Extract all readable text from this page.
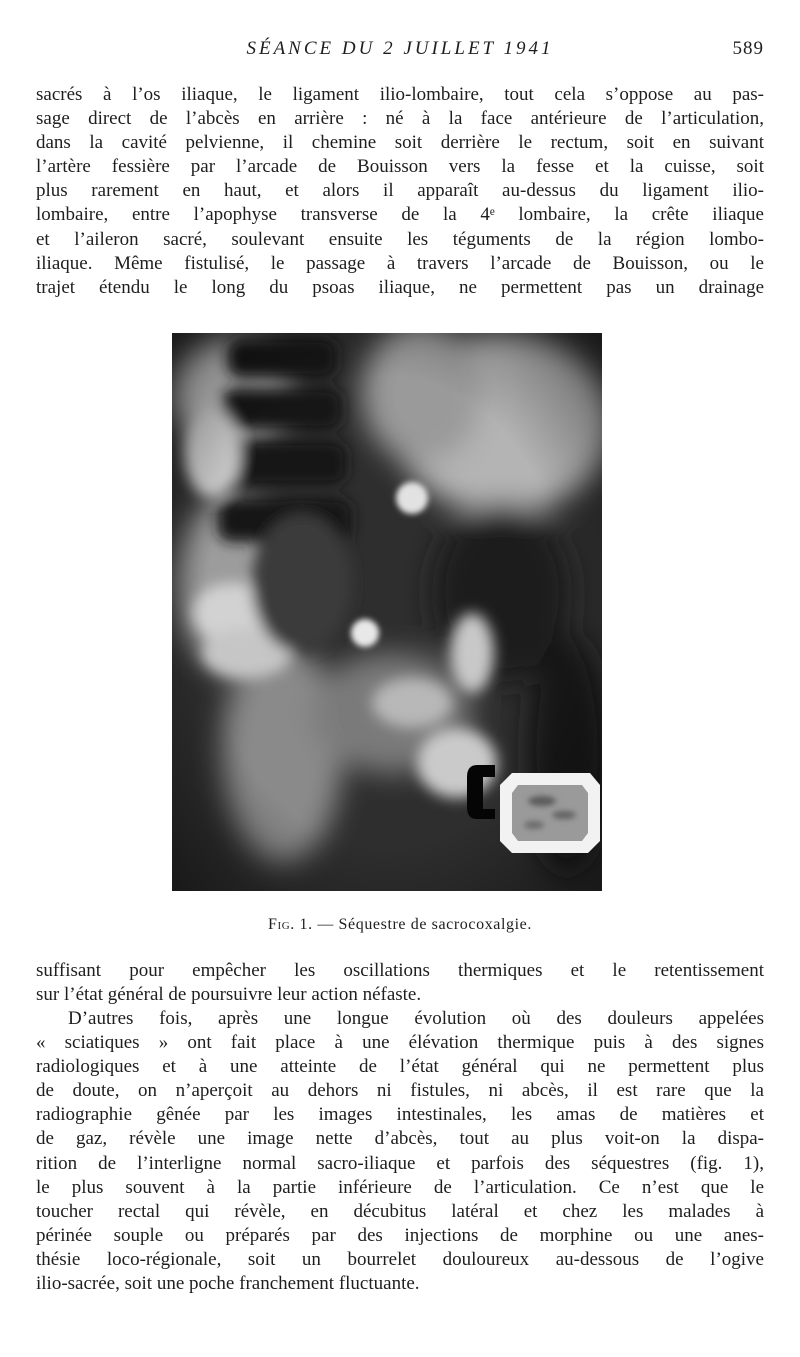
SÉANCE DU 2 JUILLET 1941	589
sacrés à l’os iliaque, le ligament ilio-lombaire, tout cela s’oppose au pas-
sage direct de l’abcès en arrière : né à la face antérieure de l’articulation,
dans la cavité pelvienne, il chemine soit derrière le rectum, soit en suivant
l’artère fessière par l’arcade de Bouisson vers la fesse et la cuisse, soit
plus rarement en haut, et alors il apparaît au-dessus du ligament ilio-
lombaire, entre l’apophyse transverse de la 4ᵉ lombaire, la crête iliaque
et l’aileron sacré, soulevant ensuite les téguments de la région lombo-
iliaque. Même fistulisé, le passage à travers l’arcade de Bouisson, ou le
trajet étendu le long du psoas iliaque, ne permettent pas un drainage
Fig. 1. — Séquestre de sacrocoxalgie.
suffisant pour empêcher les oscillations thermiques et le retentissement
sur l’état général de poursuivre leur action néfaste.
D’autres fois, après une longue évolution où des douleurs appelées
« sciatiques » ont fait place à une élévation thermique puis à des signes
radiologiques et à une atteinte de l’état général qui ne permettent plus
de doute, on n’aperçoit au dehors ni fistules, ni abcès, il est rare que la
radiographie gênée par les images intestinales, les amas de matières et
de gaz, révèle une image nette d’abcès, tout au plus voit-on la dispa-
rition de l’interligne normal sacro-iliaque et parfois des séquestres (fig. 1),
le plus souvent à la partie inférieure de l’articulation. Ce n’est que le
toucher rectal qui révèle, en décubitus latéral et chez les malades à
périnée souple ou préparés par des injections de morphine ou une anes-
thésie loco-régionale, soit un bourrelet douloureux au-dessous de l’ogive
ilio-sacrée, soit une poche franchement fluctuante.
